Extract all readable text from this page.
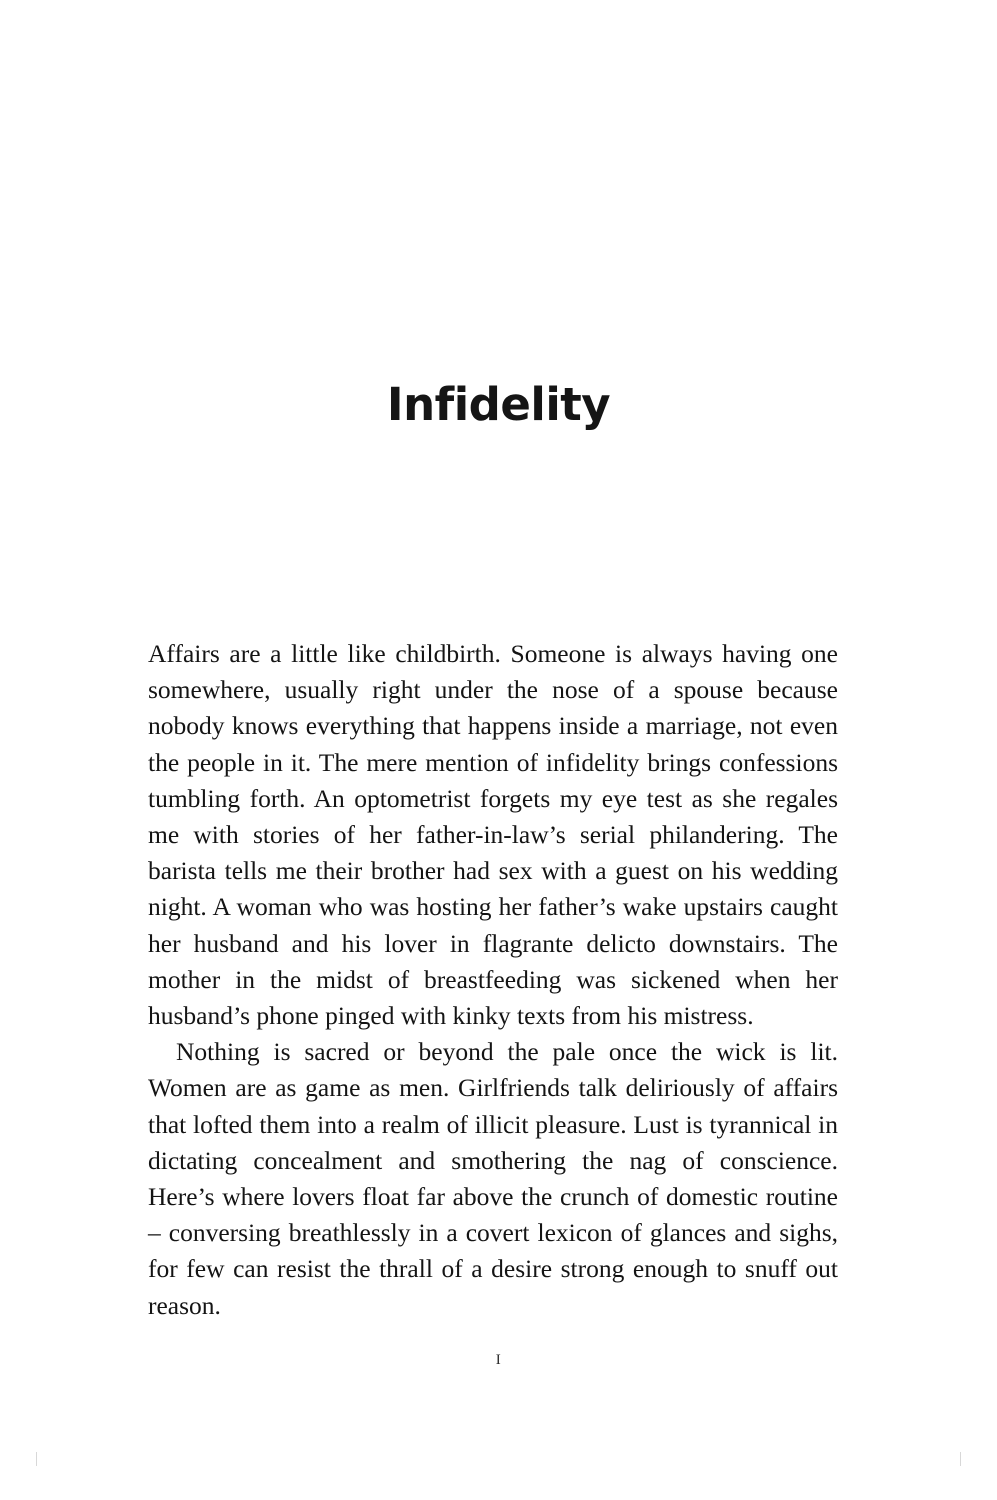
Infidelity

Affairs are a little like childbirth. Someone is always having one somewhere, usually right under the nose of a spouse because nobody knows everything that happens inside a marriage, not even the people in it. The mere mention of infidelity brings confessions tumbling forth. An optometrist forgets my eye test as she regales me with stories of her father-in-law’s serial philandering. The barista tells me their brother had sex with a guest on his wedding night. A woman who was hosting her father’s wake upstairs caught her husband and his lover in flagrante delicto downstairs. The mother in the midst of breastfeeding was sickened when her husband’s phone pinged with kinky texts from his mistress.

Nothing is sacred or beyond the pale once the wick is lit. Women are as game as men. Girlfriends talk deliriously of affairs that lofted them into a realm of illicit pleasure. Lust is tyrannical in dictating concealment and smothering the nag of conscience. Here’s where lovers float far above the crunch of domestic routine – conversing breathlessly in a covert lexicon of glances and sighs, for few can resist the thrall of a desire strong enough to snuff out reason.

I
